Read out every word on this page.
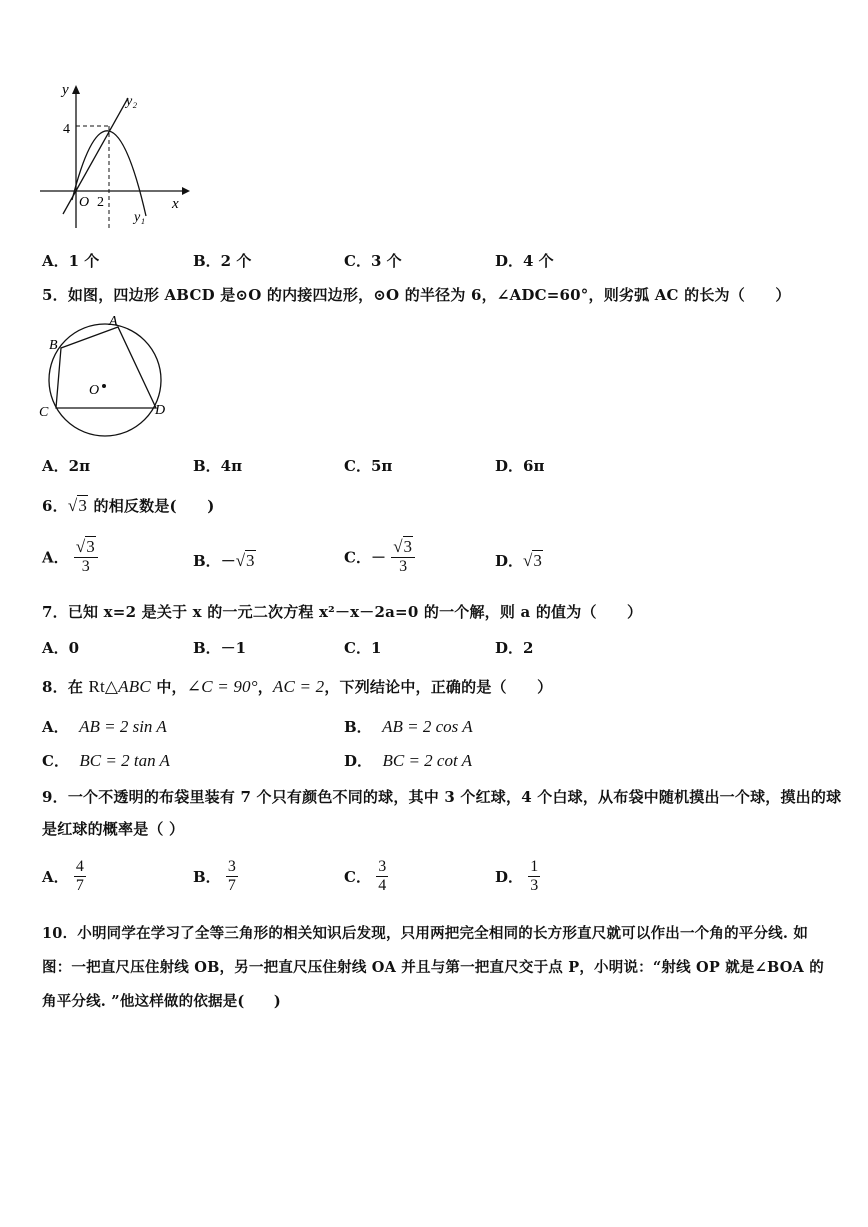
y
x
O 2
4
y₁
y₂
A．1 个	B．2 个	C．3 个	D．4 个
5．如图，四边形 ABCD 是⊙O 的内接四边形，⊙O 的半径为 6，∠ADC=60°，则劣弧 AC 的长为（　　）
A
B
C	D
O
A．2π	B．4π	C．5π	D．6π
6．√3 的相反数是(　　)
A． $\frac{√3}{3}$	B．－√3	C．－ $\frac{√3}{3}$	D．√3
7．已知 x=2 是关于 x 的一元二次方程 x²－x－2a=0 的一个解，则 a 的值为（　　）
A．0	B．－1	C．1	D．2
8．在 Rt△ABC 中，∠C = 90°，AC = 2，下列结论中，正确的是（　　）
A． AB = 2 sin A	B． AB = 2 cos A
C． BC = 2 tan A	D． BC = 2 cot A
9．一个不透明的布袋里装有 7 个只有颜色不同的球，其中 3 个红球，4 个白球，从布袋中随机摸出一个球，摸出的球
是红球的概率是（ ）
A． $\frac{4}{7}$	B． $\frac{3}{7}$	C． $\frac{3}{4}$	D． $\frac{1}{3}$
10．小明同学在学习了全等三角形的相关知识后发现，只用两把完全相同的长方形直尺就可以作出一个角的平分线. 如
图：一把直尺压住射线 OB，另一把直尺压住射线 OA 并且与第一把直尺交于点 P，小明说：“射线 OP 就是∠BOA 的
角平分线. ”他这样做的依据是(　　)
